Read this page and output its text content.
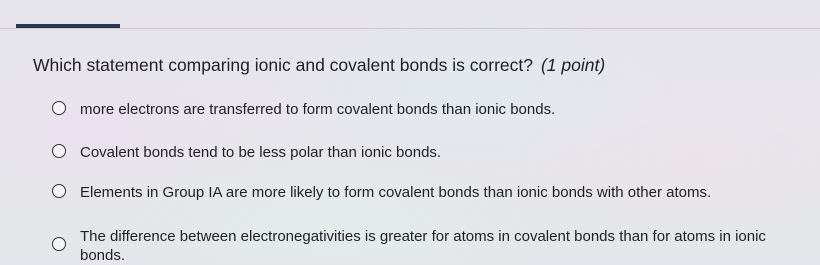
Which statement comparing ionic and covalent bonds is correct? (1 point)
more electrons are transferred to form covalent bonds than ionic bonds.
Covalent bonds tend to be less polar than ionic bonds.
Elements in Group IA are more likely to form covalent bonds than ionic bonds with other atoms.
The difference between electronegativities is greater for atoms in covalent bonds than for atoms in ionic bonds.
